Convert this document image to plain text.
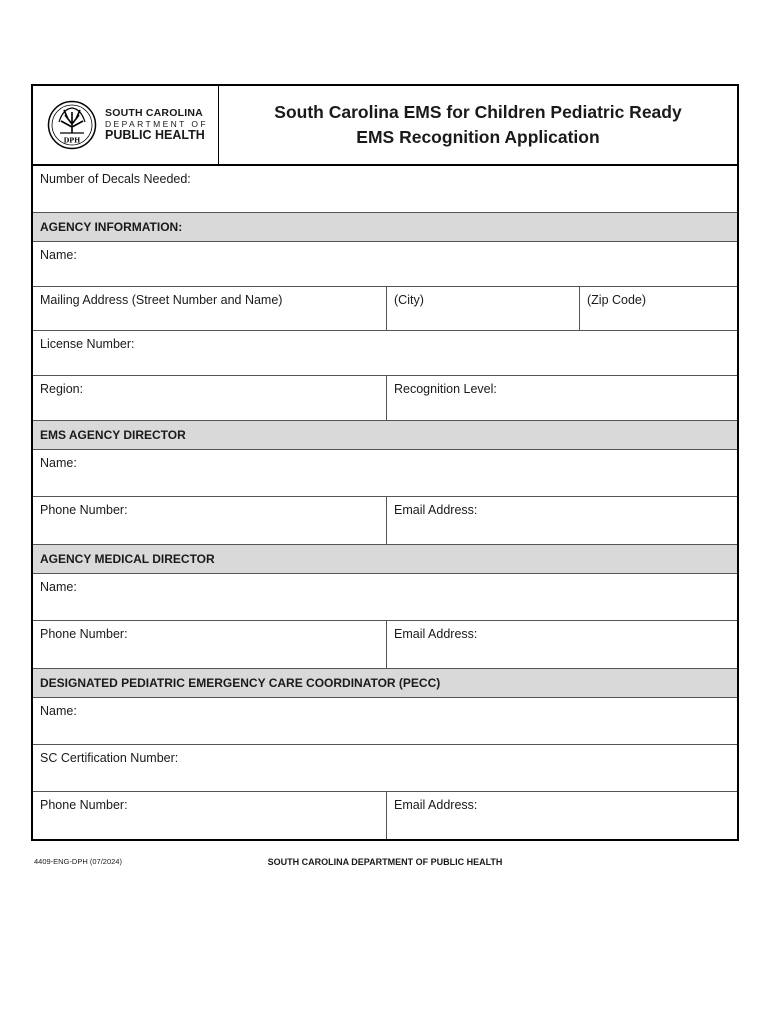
DPH
SOUTH CAROLINA
DEPARTMENT OF
PUBLIC HEALTH
South Carolina EMS for Children Pediatric Ready
EMS Recognition Application
Number of Decals Needed:
AGENCY INFORMATION:
Name:
Mailing Address (Street Number and Name)	(City)	(Zip Code)
License Number:
Region:	Recognition Level:
EMS AGENCY DIRECTOR
Name:
Phone Number:	Email Address:
AGENCY MEDICAL DIRECTOR
Name:
Phone Number:	Email Address:
DESIGNATED PEDIATRIC EMERGENCY CARE COORDINATOR (PECC)
Name:
SC Certification Number:
Phone Number:	Email Address:
4409-ENG-DPH (07/2024)	SOUTH CAROLINA DEPARTMENT OF PUBLIC HEALTH
